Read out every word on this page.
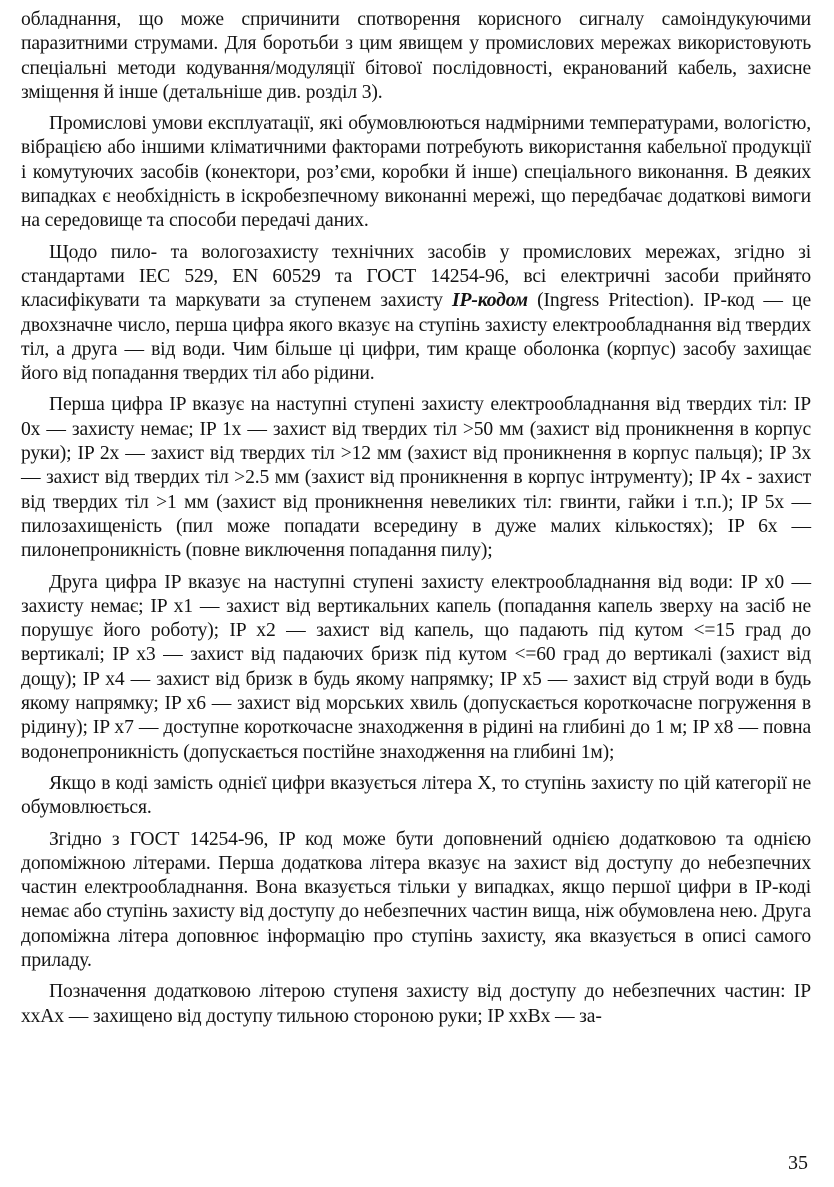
обладнання, що може спричинити спотворення корисного сигналу самоіндукуючими паразитними струмами. Для боротьби з цим явищем у промислових мережах використовують спеціальні методи кодування/модуляції бітової послідовності, екранований кабель, захисне зміщення й інше (детальніше див. розділ 3).

Промислові умови експлуатації, які обумовлюються надмірними температурами, вологістю, вібрацією або іншими кліматичними факторами потребують використання кабельної продукції і комутуючих засобів (конектори, роз’єми, коробки й інше) спеціального виконання. В деяких випадках є необхідність в іскробезпечному виконанні мережі, що передбачає додаткові вимоги на середовище та способи передачі даних.

Щодо пило- та вологозахисту технічних засобів у промислових мережах, згідно зі стандартами IEC 529, EN 60529 та ГОСТ 14254-96, всі електричні засоби прийнято класифікувати та маркувати за ступенем захисту IP-кодом (Ingress Pritection). IP-код — це двохзначне число, перша цифра якого вказує на ступінь захисту електрообладнання від твердих тіл, а друга — від води. Чим більше ці цифри, тим краще оболонка (корпус) засобу захищає його від попадання твердих тіл або рідини.

Перша цифра IP вказує на наступні ступені захисту електрообладнання від твердих тіл: IP 0x — захисту немає; IP 1x — захист від твердих тіл >50 мм (захист від проникнення в корпус руки); IP 2x — захист від твердих тіл >12 мм (захист від проникнення в корпус пальця); IP 3x — захист від твердих тіл >2.5 мм (захист від проникнення в корпус інтрументу); IP 4x - захист від твердих тіл >1 мм (захист від проникнення невеликих тіл: гвинти, гайки і т.п.); IP 5x — пилозахищеність (пил може попадати всередину в дуже малих кількостях); IP 6x — пилонепроникність (повне виключення попадання пилу);

Друга цифра IP вказує на наступні ступені захисту електрообладнання від води: IP x0 — захисту немає; IP x1 — захист від вертикальних капель (попадання капель зверху на засіб не порушує його роботу); IP x2 — захист від капель, що падають під кутом <=15 град до вертикалі; IP x3 — захист від падаючих бризк під кутом <=60 град до вертикалі (захист від дощу); IP x4 — захист від бризк в будь якому напрямку; IP x5 — захист від струй води в будь якому напрямку; IP x6 — захист від морських хвиль (допускається короткочасне погруження в рідину); IP x7 — доступне короткочасне знаходження в рідині на глибині до 1 м; IP x8 — повна водонепроникність (допускається постійне знаходження на глибині 1м);

Якщо в коді замість однієї цифри вказується літера X, то ступінь захисту по цій категорії не обумовлюється.

Згідно з ГОСТ 14254-96, IP код може бути доповнений однією додатковою та однією допоміжною літерами. Перша додаткова літера вказує на захист від доступу до небезпечних частин електрообладнання. Вона вказується тільки у випадках, якщо першої цифри в IP-коді немає або ступінь захисту від доступу до небезпечних частин вища, ніж обумовлена нею. Друга допоміжна літера доповнює інформацію про ступінь захисту, яка вказується в описі самого приладу.

Позначення додатковою літерою ступеня захисту від доступу до небезпечних частин: IP xxAx — захищено від доступу тильною стороною руки; IP xxBx — за-

35
